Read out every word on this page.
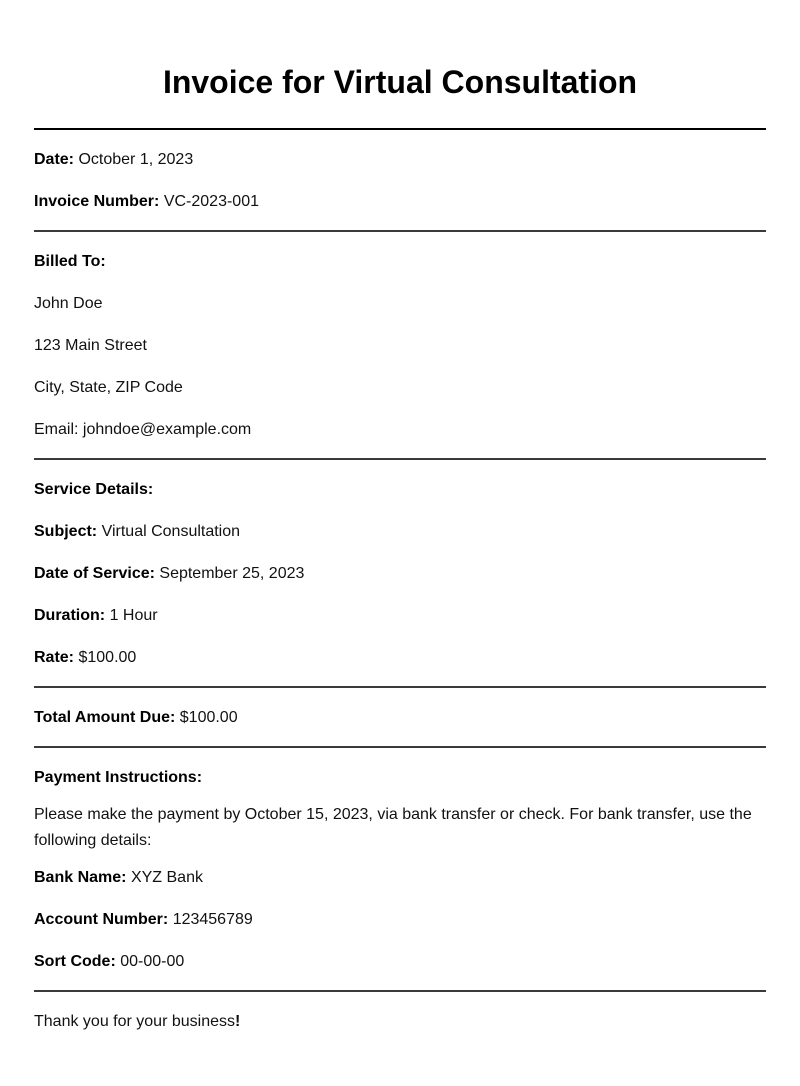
Invoice for Virtual Consultation

Date: October 1, 2023

Invoice Number: VC-2023-001

Billed To:

John Doe

123 Main Street

City, State, ZIP Code

Email: johndoe@example.com

Service Details:

Subject: Virtual Consultation

Date of Service: September 25, 2023

Duration: 1 Hour

Rate: $100.00

Total Amount Due: $100.00

Payment Instructions:

Please make the payment by October 15, 2023, via bank transfer or check. For bank transfer, use the following details:

Bank Name: XYZ Bank

Account Number: 123456789

Sort Code: 00-00-00

Thank you for your business!
